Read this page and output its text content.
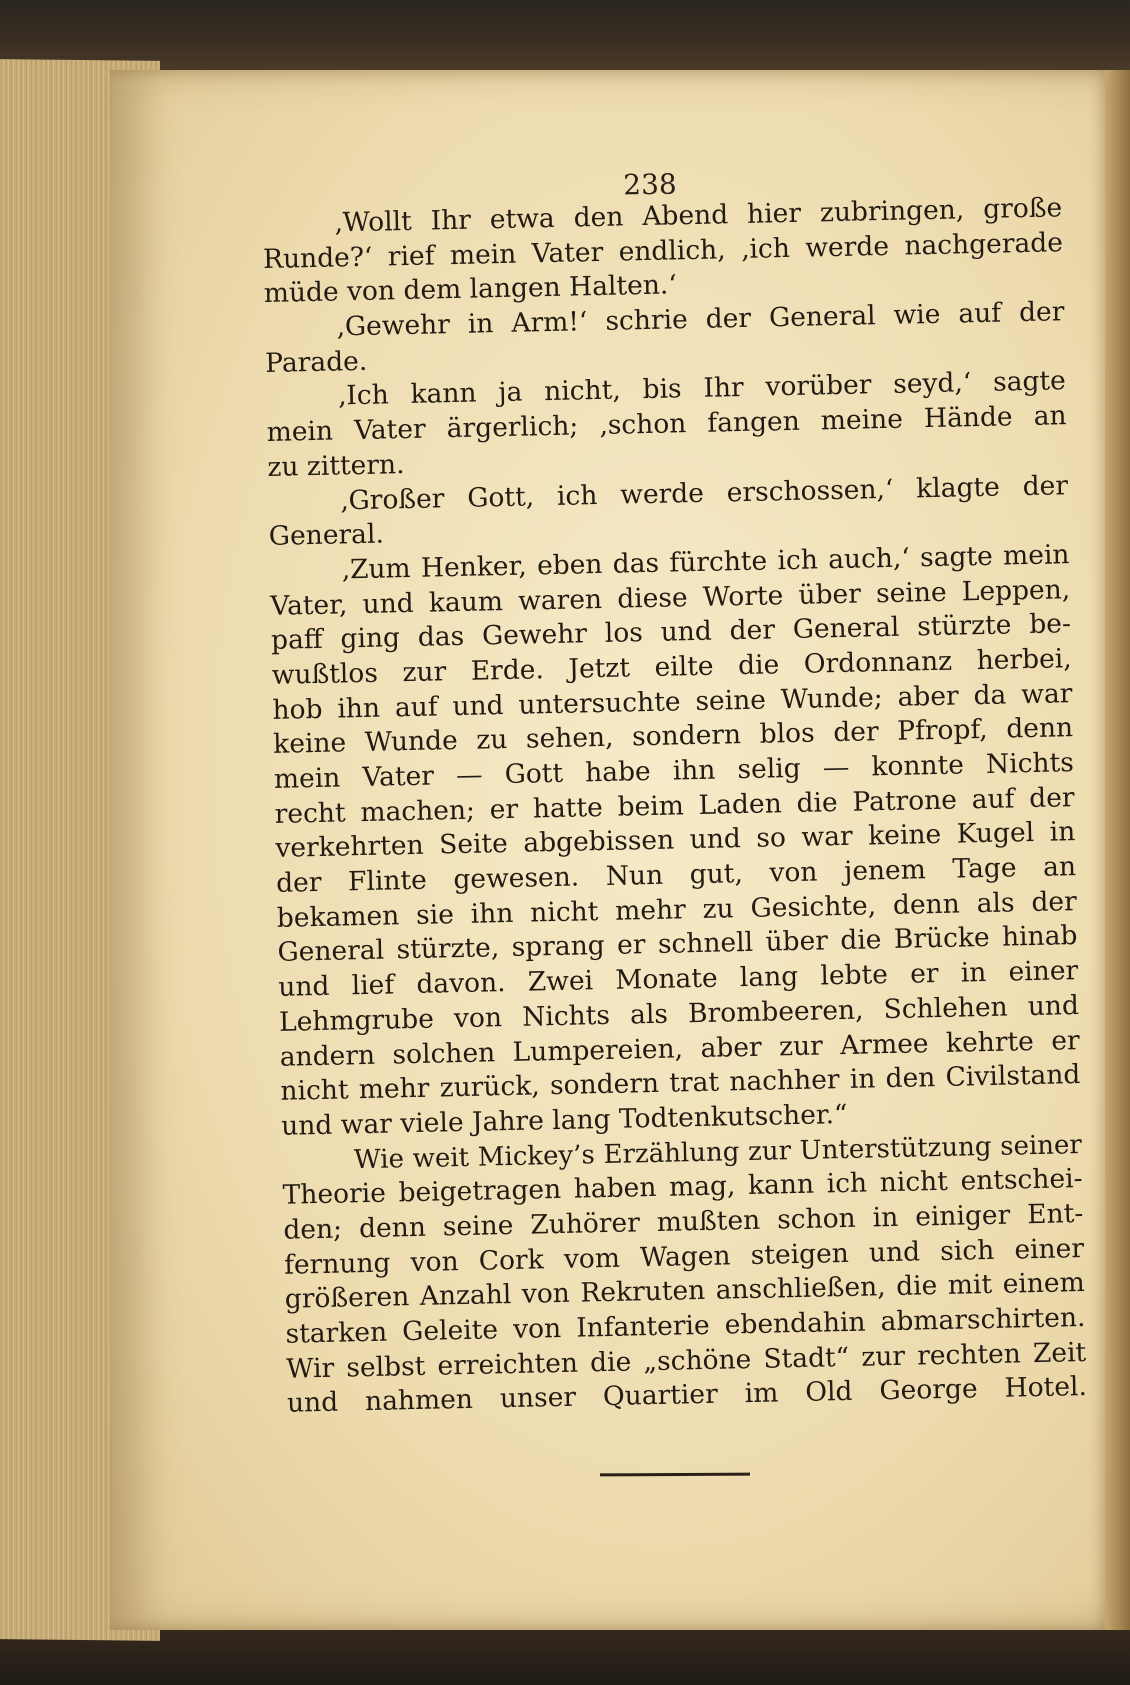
238
‚Wollt Ihr etwa den Abend hier zubringen, große
Runde?‘ rief mein Vater endlich, ‚ich werde nachgerade
müde von dem langen Halten.‘
‚Gewehr in Arm!‘ schrie der General wie auf der
Parade.
‚Ich kann ja nicht, bis Ihr vorüber seyd,‘ sagte
mein Vater ärgerlich; ‚schon fangen meine Hände an
zu zittern.
‚Großer Gott, ich werde erschossen,‘ klagte der
General.
‚Zum Henker, eben das fürchte ich auch,‘ sagte mein
Vater, und kaum waren diese Worte über seine Leppen,
paff ging das Gewehr los und der General stürzte be-
wußtlos zur Erde. Jetzt eilte die Ordonnanz herbei,
hob ihn auf und untersuchte seine Wunde; aber da war
keine Wunde zu sehen, sondern blos der Pfropf, denn
mein Vater — Gott habe ihn selig — konnte Nichts
recht machen; er hatte beim Laden die Patrone auf der
verkehrten Seite abgebissen und so war keine Kugel in
der Flinte gewesen. Nun gut, von jenem Tage an
bekamen sie ihn nicht mehr zu Gesichte, denn als der
General stürzte, sprang er schnell über die Brücke hinab
und lief davon. Zwei Monate lang lebte er in einer
Lehmgrube von Nichts als Brombeeren, Schlehen und
andern solchen Lumpereien, aber zur Armee kehrte er
nicht mehr zurück, sondern trat nachher in den Civilstand
und war viele Jahre lang Todtenkutscher.“
Wie weit Mickey’s Erzählung zur Unterstützung seiner
Theorie beigetragen haben mag, kann ich nicht entschei-
den; denn seine Zuhörer mußten schon in einiger Ent-
fernung von Cork vom Wagen steigen und sich einer
größeren Anzahl von Rekruten anschließen, die mit einem
starken Geleite von Infanterie ebendahin abmarschirten.
Wir selbst erreichten die „schöne Stadt“ zur rechten Zeit
und nahmen unser Quartier im Old George Hotel.
